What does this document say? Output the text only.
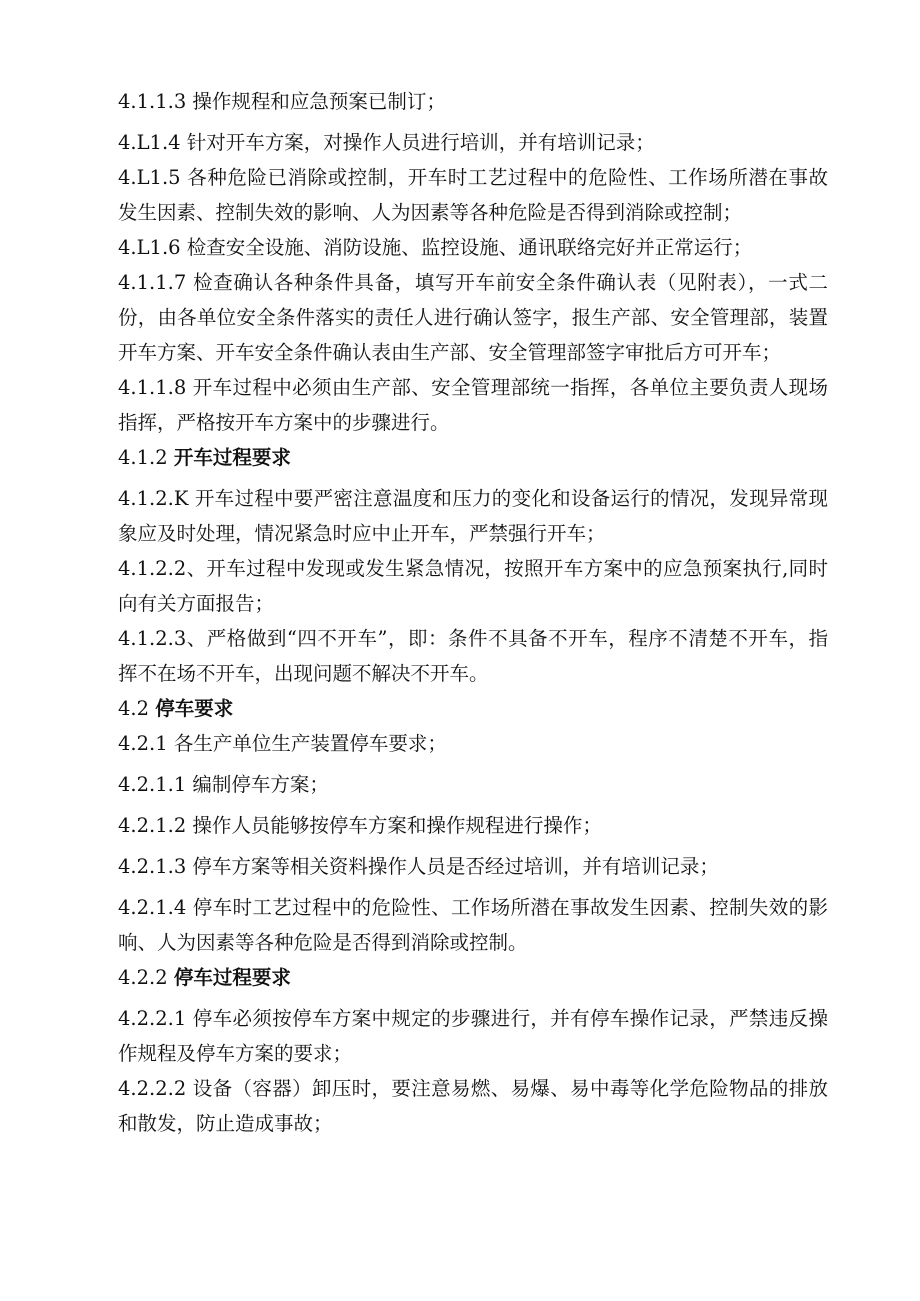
4.1.1.3 操作规程和应急预案已制订；

4.L1.4 针对开车方案，对操作人员进行培训，并有培训记录；

4.L1.5 各种危险已消除或控制，开车时工艺过程中的危险性、工作场所潜在事故发生因素、控制失效的影响、人为因素等各种危险是否得到消除或控制；

4.L1.6 检查安全设施、消防设施、监控设施、通讯联络完好并正常运行；

4.1.1.7 检查确认各种条件具备，填写开车前安全条件确认表（见附表），一式二份，由各单位安全条件落实的责任人进行确认签字，报生产部、安全管理部，装置开车方案、开车安全条件确认表由生产部、安全管理部签字审批后方可开车；

4.1.1.8 开车过程中必须由生产部、安全管理部统一指挥，各单位主要负责人现场指挥，严格按开车方案中的步骤进行。

4.1.2 开车过程要求

4.1.2.K 开车过程中要严密注意温度和压力的变化和设备运行的情况，发现异常现象应及时处理，情况紧急时应中止开车，严禁强行开车；

4.1.2.2、开车过程中发现或发生紧急情况，按照开车方案中的应急预案执行,同时向有关方面报告；

4.1.2.3、严格做到“四不开车”，即：条件不具备不开车，程序不清楚不开车，指挥不在场不开车，出现问题不解决不开车。

4.2 停车要求

4.2.1 各生产单位生产装置停车要求；

4.2.1.1 编制停车方案；

4.2.1.2 操作人员能够按停车方案和操作规程进行操作；

4.2.1.3 停车方案等相关资料操作人员是否经过培训，并有培训记录；

4.2.1.4 停车时工艺过程中的危险性、工作场所潜在事故发生因素、控制失效的影响、人为因素等各种危险是否得到消除或控制。

4.2.2 停车过程要求

4.2.2.1 停车必须按停车方案中规定的步骤进行，并有停车操作记录，严禁违反操作规程及停车方案的要求；

4.2.2.2 设备（容器）卸压时，要注意易燃、易爆、易中毒等化学危险物品的排放和散发，防止造成事故；
